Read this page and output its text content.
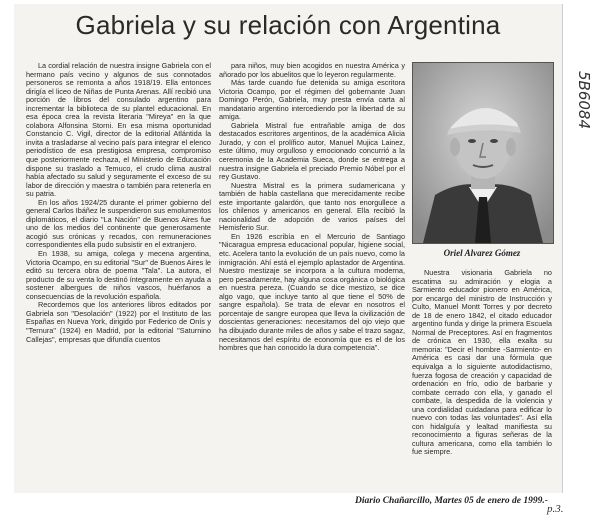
Gabriela y su relación con Argentina

La cordial relación de nuestra insigne Gabriela con el hermano país vecino y algunos de sus connotados personeros se remonta a años 1918/19. Ella entonces dirigía el liceo de Niñas de Punta Arenas. Allí recibió una porción de libros del consulado argentino para incrementar la biblioteca de su plantel educacional. En esa época crea la revista literaria "Mireya" en la que colabora Alfonsina Storni. En esa misma oportunidad Constancio C. Vigil, director de la editorial Atlántida la invita a trasladarse al vecino país para integrar el elenco periodístico de esa prestigiosa empresa, compromiso que posteriormente rechaza, el Ministerio de Educación dispone su traslado a Temuco, el crudo clima austral había afectado su salud y seguramente el exceso de su labor de dirección y maestra o también para retenerla en su patria.

En los años 1924/25 durante el primer gobierno del general Carlos Ibáñez le suspendieron sus emolumentos diplomáticos, el diario "La Nación" de Buenos Aires fue uno de los medios del continente que generosamente acogió sus crónicas y recados, con remuneraciones correspondientes ella pudo subsistir en el extranjero.

En 1938, su amiga, colega y mecena argentina, Victoria Ocampo, en su editorial "Sur" de Buenos Aires le editó su tercera obra de poema "Tala". La autora, el producto de su venta lo destinó íntegramente en ayuda a sostener albergues de niños vascos, huérfanos a consecuencias de la revolución española.

Recordemos que los anteriores libros editados por Gabriela son "Desolación" (1922) por el Instituto de las Españas en Nueva York, dirigido por Federico de Onís y "Ternura" (1924) en Madrid, por la editorial "Saturnino Callejas", empresas que difundía cuentos

para niños, muy bien acogidos en nuestra América y añorado por los abuelitos que lo leyeron regularmente.

Más tarde cuando fue detenida su amiga escritora Victoria Ocampo, por el régimen del gobernante Juan Domingo Perón, Gabriela, muy presta envía carta al mandatario argentino intercediendo por la libertad de su amiga.

Gabriela Mistral fue entrañable amiga de dos destacados escritores argentinos, de la académica Alicia Jurado, y con el prolífico autor, Manuel Mujica Lainez, este último, muy orgulloso y emocionado concurrió a la ceremonia de la Academia Sueca, donde se entrega a nuestra insigne Gabriela el preciado Premio Nóbel por el rey Gustavo.

Nuestra Mistral es la primera sudamericana y también de habla castellana que merecidamente recibe este importante galardón, que tanto nos enorgullece a los chilenos y americanos en general. Ella recibió la nacionalidad de adopción de varios países del Hemisferio Sur.

En 1926 escribía en el Mercurio de Santiago "Nicaragua empresa educacional popular, higiene social, etc. Acelera tanto la evolución de un país nuevo, como la inmigración. Ahí está el ejemplo aplastador de Argentina. Nuestro mestizaje se incorpora a la cultura moderna, pero pesadamente, hay alguna cosa orgánica o biológica en nuestra pereza. (Cuando se dice mestizo, se dice algo vago, que incluye tanto al que tiene el 50% de sangre española). Se trata de elevar en nosotros el porcentaje de sangre europea que lleva la civilización de doscientas generaciones: necesitamos del ojo viejo que ha dibujado durante miles de años y sabe el trazo sagaz, necesitamos del espíritu de economía que es el de los hombres que han conocido la dura competencia".

Oriel Alvarez Gómez

Nuestra visionaria Gabriela no escatima su admiración y elogia a Sarmiento educador pionero en América, por encargo del ministro de Instrucción y Culto, Manuel Montt Torres y por decreto de 18 de enero 1842, el citado educador argentino funda y dirige la primera Escuela Normal de Preceptores. Así en fragmentos de crónica en 1930, ella exalta su memoria: "Decir el hombre -Sarmiento- en América es casi dar una fórmula que equivalga a lo siguiente autodidactismo, fuerza fogosa de creación y capacidad de ordenación en frío, odio de barbarie y combate cerrado con ella, y ganado el combate, la despedida de la violencia y una cordialidad cuidadana para edificar lo nuevo con todas las voluntades". Así ella con hidalguía y lealtad manifiesta su reconocimiento a figuras señeras de la cultura americana, como ella también lo fue siempre.

Diario Chañarcillo, Martes 05 de enero de 1999.-
5B6084
p.3.
